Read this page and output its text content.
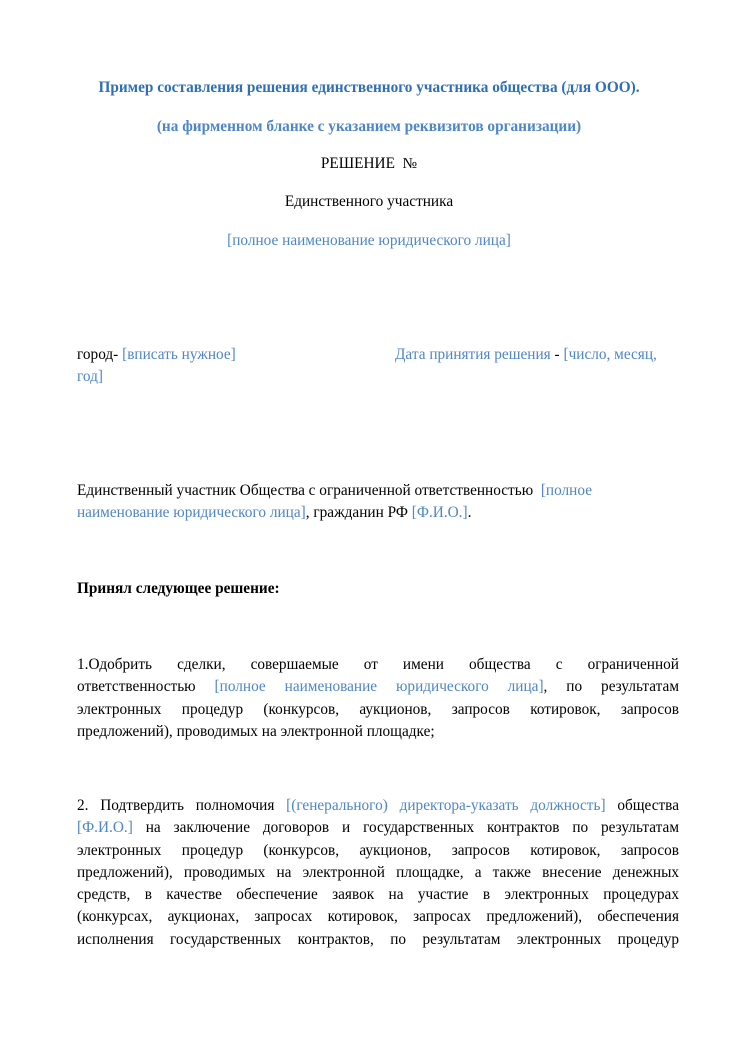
Пример составления решения единственного участника общества (для ООО).
(на фирменном бланке с указанием реквизитов организации)
РЕШЕНИЕ  №
Единственного участника
[полное наименование юридического лица]
город- [вписать нужное]	Дата принятия решения - [число, месяц,
год]
Единственный участник Общества с ограниченной ответственностью [полное
наименование юридического лица], гражданин РФ [Ф.И.О.].
Принял следующее решение:
1.Одобрить сделки, совершаемые от имени общества с ограниченной
ответственностью [полное наименование юридического лица], по результатам
электронных процедур (конкурсов, аукционов, запросов котировок, запросов
предложений), проводимых на электронной площадке;
2. Подтвердить полномочия [(генерального) директора-указать должность] общества
[Ф.И.О.] на заключение договоров и государственных контрактов по результатам
электронных процедур (конкурсов, аукционов, запросов котировок, запросов
предложений), проводимых на электронной площадке, а также внесение денежных
средств, в качестве обеспечение заявок на участие в электронных процедурах
(конкурсах, аукционах, запросах котировок, запросах предложений), обеспечения
исполнения государственных контрактов, по результатам электронных процедур
